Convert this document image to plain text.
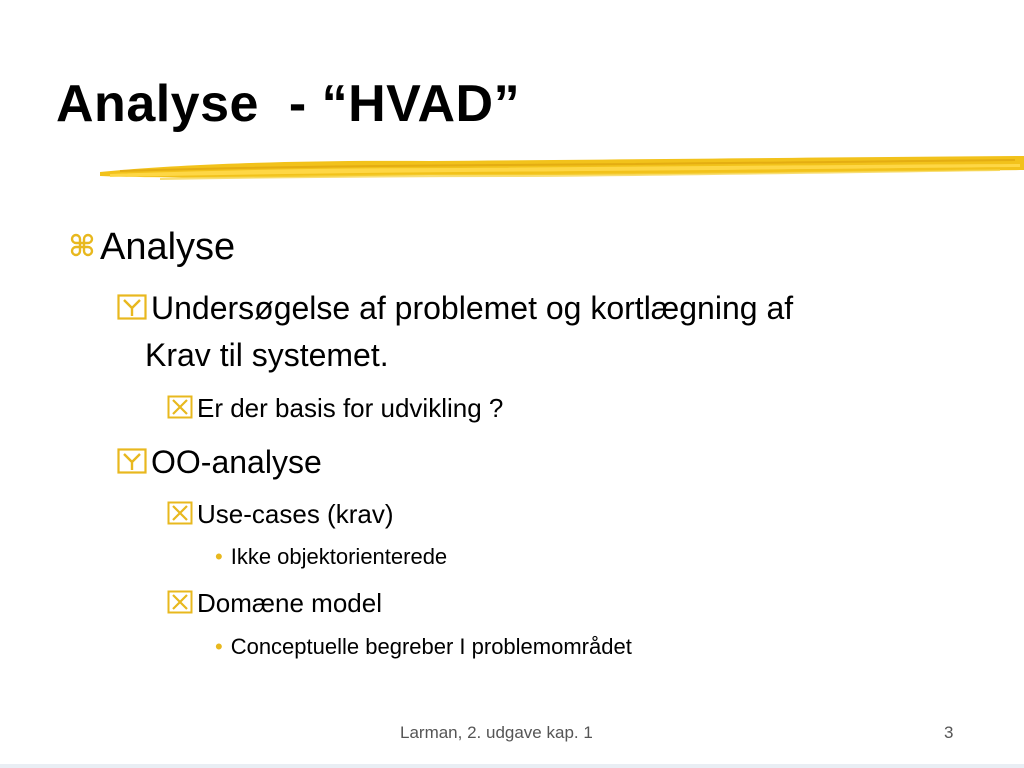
Analyse  - “HVAD”
Analyse
Undersøgelse af problemet og kortlægning af
Krav til systemet.
Er der basis for udvikling ?
OO-analyse
Use-cases (krav)
• Ikke objektorienterede
Domæne model
• Conceptuelle begreber I problemområdet
Larman, 2. udgave kap. 1	3
